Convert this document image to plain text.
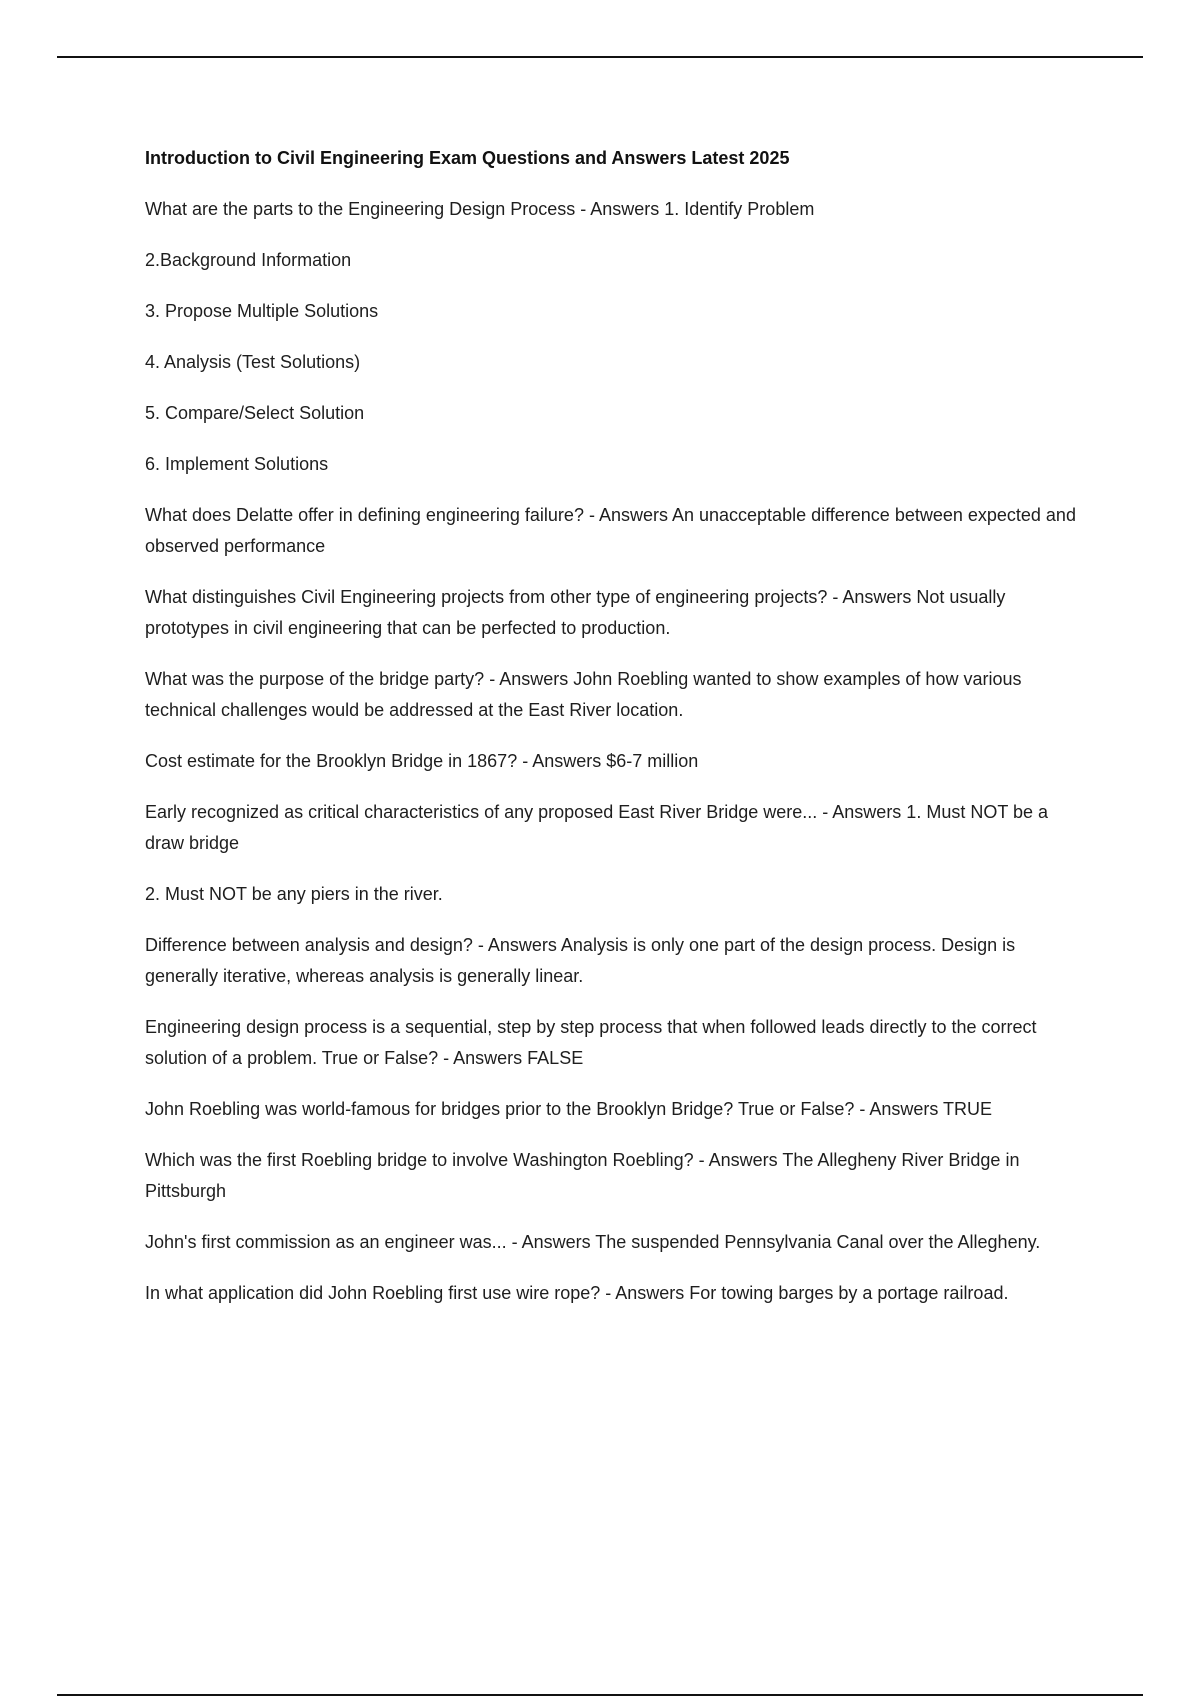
Introduction to Civil Engineering Exam Questions and Answers Latest 2025

What are the parts to the Engineering Design Process - Answers 1. Identify Problem

2.Background Information

3. Propose Multiple Solutions

4. Analysis (Test Solutions)

5. Compare/Select Solution

6. Implement Solutions

What does Delatte offer in defining engineering failure? - Answers An unacceptable difference between expected and observed performance

What distinguishes Civil Engineering projects from other type of engineering projects? - Answers Not usually prototypes in civil engineering that can be perfected to production.

What was the purpose of the bridge party? - Answers John Roebling wanted to show examples of how various technical challenges would be addressed at the East River location.

Cost estimate for the Brooklyn Bridge in 1867? - Answers $6-7 million

Early recognized as critical characteristics of any proposed East River Bridge were... - Answers 1. Must NOT be a draw bridge

2. Must NOT be any piers in the river.

Difference between analysis and design? - Answers Analysis is only one part of the design process. Design is generally iterative, whereas analysis is generally linear.

Engineering design process is a sequential, step by step process that when followed leads directly to the correct solution of a problem. True or False? - Answers FALSE

John Roebling was world-famous for bridges prior to the Brooklyn Bridge? True or False? - Answers TRUE

Which was the first Roebling bridge to involve Washington Roebling? - Answers The Allegheny River Bridge in Pittsburgh

John's first commission as an engineer was... - Answers The suspended Pennsylvania Canal over the Allegheny.

In what application did John Roebling first use wire rope? - Answers For towing barges by a portage railroad.
